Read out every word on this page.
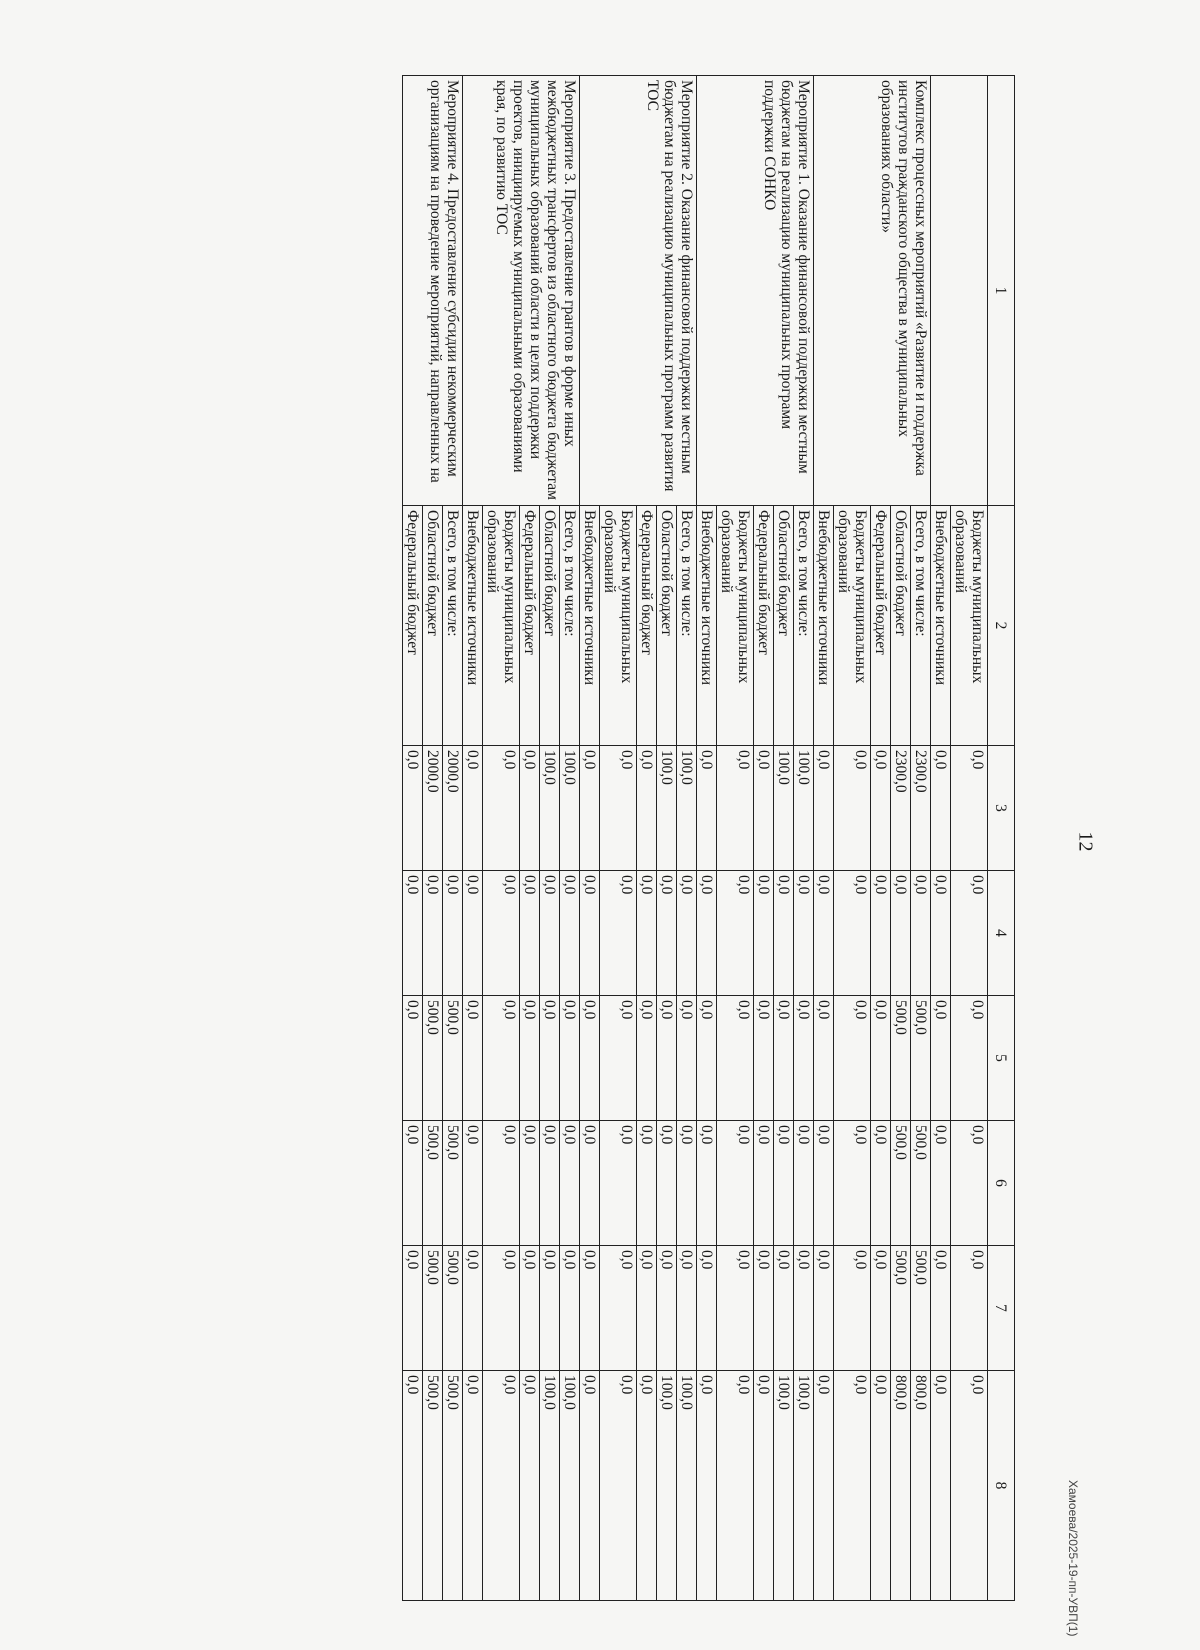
12
Хамоева/2025-19-пп-УВП(1)
1	2	3	4	5	6	7	8
	Бюджеты муниципальных образований	0,0	0,0	0,0	0,0	0,0	0,0
	Внебюджетные источники	0,0	0,0	0,0	0,0	0,0	0,0
Комплекс процессных мероприятий «Развитие и поддержка институтов гражданского общества в муниципальных образованиях области»	Всего, в том числе:	2300,0	0,0	500,0	500,0	500,0	800,0
	Областной бюджет	2300,0	0,0	500,0	500,0	500,0	800,0
	Федеральный бюджет	0,0	0,0	0,0	0,0	0,0	0,0
	Бюджеты муниципальных образований	0,0	0,0	0,0	0,0	0,0	0,0
	Внебюджетные источники	0,0	0,0	0,0	0,0	0,0	0,0
Мероприятие 1. Оказание финансовой поддержки местным бюджетам на реализацию муниципальных программ поддержки СОНКО	Всего, в том числе:	100,0	0,0	0,0	0,0	0,0	100,0
	Областной бюджет	100,0	0,0	0,0	0,0	0,0	100,0
	Федеральный бюджет	0,0	0,0	0,0	0,0	0,0	0,0
	Бюджеты муниципальных образований	0,0	0,0	0,0	0,0	0,0	0,0
	Внебюджетные источники	0,0	0,0	0,0	0,0	0,0	0,0
Мероприятие 2. Оказание финансовой поддержки местным бюджетам на реализацию муниципальных программ развития ТОС	Всего, в том числе:	100,0	0,0	0,0	0,0	0,0	100,0
	Областной бюджет	100,0	0,0	0,0	0,0	0,0	100,0
	Федеральный бюджет	0,0	0,0	0,0	0,0	0,0	0,0
	Бюджеты муниципальных образований	0,0	0,0	0,0	0,0	0,0	0,0
	Внебюджетные источники	0,0	0,0	0,0	0,0	0,0	0,0
Мероприятие 3. Предоставление грантов в форме иных межбюджетных трансфертов из областного бюджета бюджетам муниципальных образований области в целях поддержки проектов, инициируемых муниципальными образованиями края, по развитию ТОС	Всего, в том числе:	100,0	0,0	0,0	0,0	0,0	100,0
	Областной бюджет	100,0	0,0	0,0	0,0	0,0	100,0
	Федеральный бюджет	0,0	0,0	0,0	0,0	0,0	0,0
	Бюджеты муниципальных образований	0,0	0,0	0,0	0,0	0,0	0,0
	Внебюджетные источники	0,0	0,0	0,0	0,0	0,0	0,0
Мероприятие 4. Предоставление субсидии некоммерческим организациям на проведение мероприятий, направленных на	Всего, в том числе:	2000,0	0,0	500,0	500,0	500,0	500,0
	Областной бюджет	2000,0	0,0	500,0	500,0	500,0	500,0
	Федеральный бюджет	0,0	0,0	0,0	0,0	0,0	0,0
